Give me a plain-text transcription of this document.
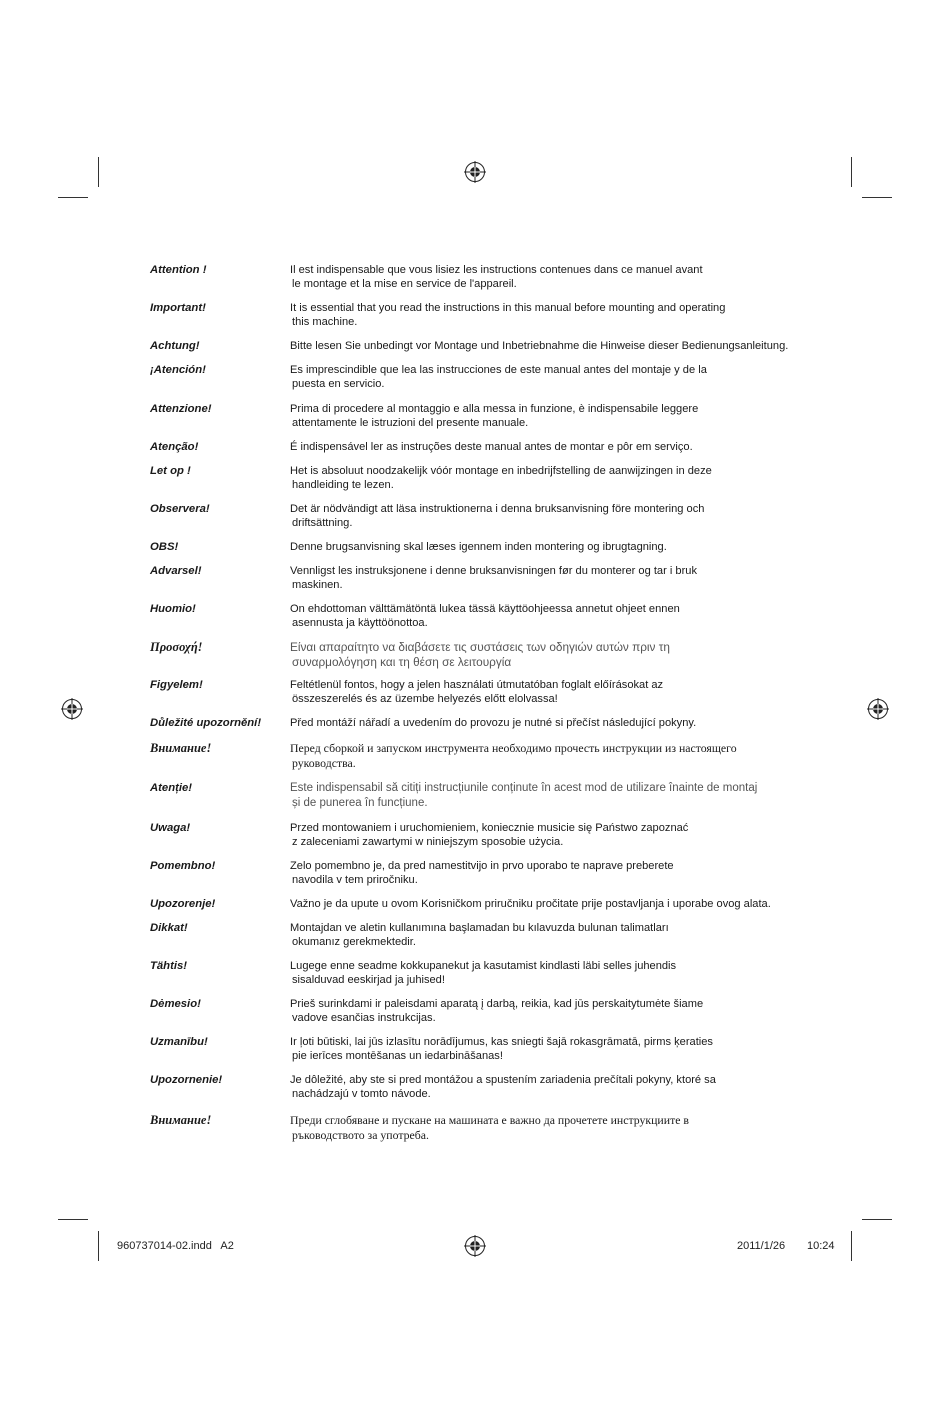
Attention !	Il est indispensable que vous lisiez les instructions contenues dans ce manuel avant
le montage et la mise en service de l'appareil.
Important!	It is essential that you read the instructions in this manual before mounting and operating
this machine.
Achtung!	Bitte lesen Sie unbedingt vor Montage und Inbetriebnahme die Hinweise dieser Bedienungsanleitung.
¡Atención!	Es imprescindible que lea las instrucciones de este manual antes del montaje y de la
puesta en servicio.
Attenzione!	Prima di procedere al montaggio e alla messa in funzione, è indispensabile leggere
attentamente le istruzioni del presente manuale.
Atenção!	É indispensável ler as instruções deste manual antes de montar e pôr em serviço.
Let op !	Het is absoluut noodzakelijk vóór montage en inbedrijfstelling de aanwijzingen in deze
handleiding te lezen.
Observera!	Det är nödvändigt att läsa instruktionerna i denna bruksanvisning före montering och
driftsättning.
OBS!	Denne brugsanvisning skal læses igennem inden montering og ibrugtagning.
Advarsel!	Vennligst les instruksjonene i denne bruksanvisningen før du monterer og tar i bruk
maskinen.
Huomio!	On ehdottoman välttämätöntä lukea tässä käyttöohjeessa annetut ohjeet ennen
asennusta ja käyttöönottoa.
Προσοχή!	Είναι απαραίτητο να διαβάσετε τις συστάσεις των οδηγιών αυτών πριν τη
συναρμολόγηση και τη θέση σε λειτουργία
Figyelem!	Feltétlenül fontos, hogy a jelen használati útmutatóban foglalt előírásokat az
összeszerelés és az üzembe helyezés előtt elolvassa!
Důležité upozornění!	Před montáží nářadí a uvedením do provozu je nutné si přečíst následující pokyny.
Внимание!	Перед сборкой и запуском инструмента необходимо прочесть инструкции из настоящего
руководства.
Atenție!	Este indispensabil să citiți instrucțiunile conținute în acest mod de utilizare înainte de montaj
și de punerea în funcțiune.
Uwaga!	Przed montowaniem i uruchomieniem, koniecznie musicie się Państwo zapoznać
z zaleceniami zawartymi w niniejszym sposobie użycia.
Pomembno!	Zelo pomembno je, da pred namestitvijo in prvo uporabo te naprave preberete
navodila v tem priročniku.
Upozorenje!	Važno je da upute u ovom Korisničkom priručniku pročitate prije postavljanja i uporabe ovog alata.
Dikkat!	Montajdan ve aletin kullanımına başlamadan bu kılavuzda bulunan talimatları
okumanız gerekmektedir.
Tähtis!	Lugege enne seadme kokkupanekut ja kasutamist kindlasti läbi selles juhendis
sisalduvad eeskirjad ja juhised!
Dėmesio!	Prieš surinkdami ir paleisdami aparatą į darbą, reikia, kad jūs perskaitytumėte šiame
vadove esančias instrukcijas.
Uzmanību!	Ir ļoti būtiski, lai jūs izlasītu norādījumus, kas sniegti šajā rokasgrāmatā, pirms ķeraties
pie ierīces montēšanas un iedarbināšanas!
Upozornenie!	Je dôležité, aby ste si pred montážou a spustením zariadenia prečítali pokyny, ktoré sa
nachádzajú v tomto návode.
Внимание!	Преди сглобяване и пускане на машината е важно да прочетете инструкциите в
ръководството за употреба.
960737014-02.indd   A2	2011/1/26 10:24
